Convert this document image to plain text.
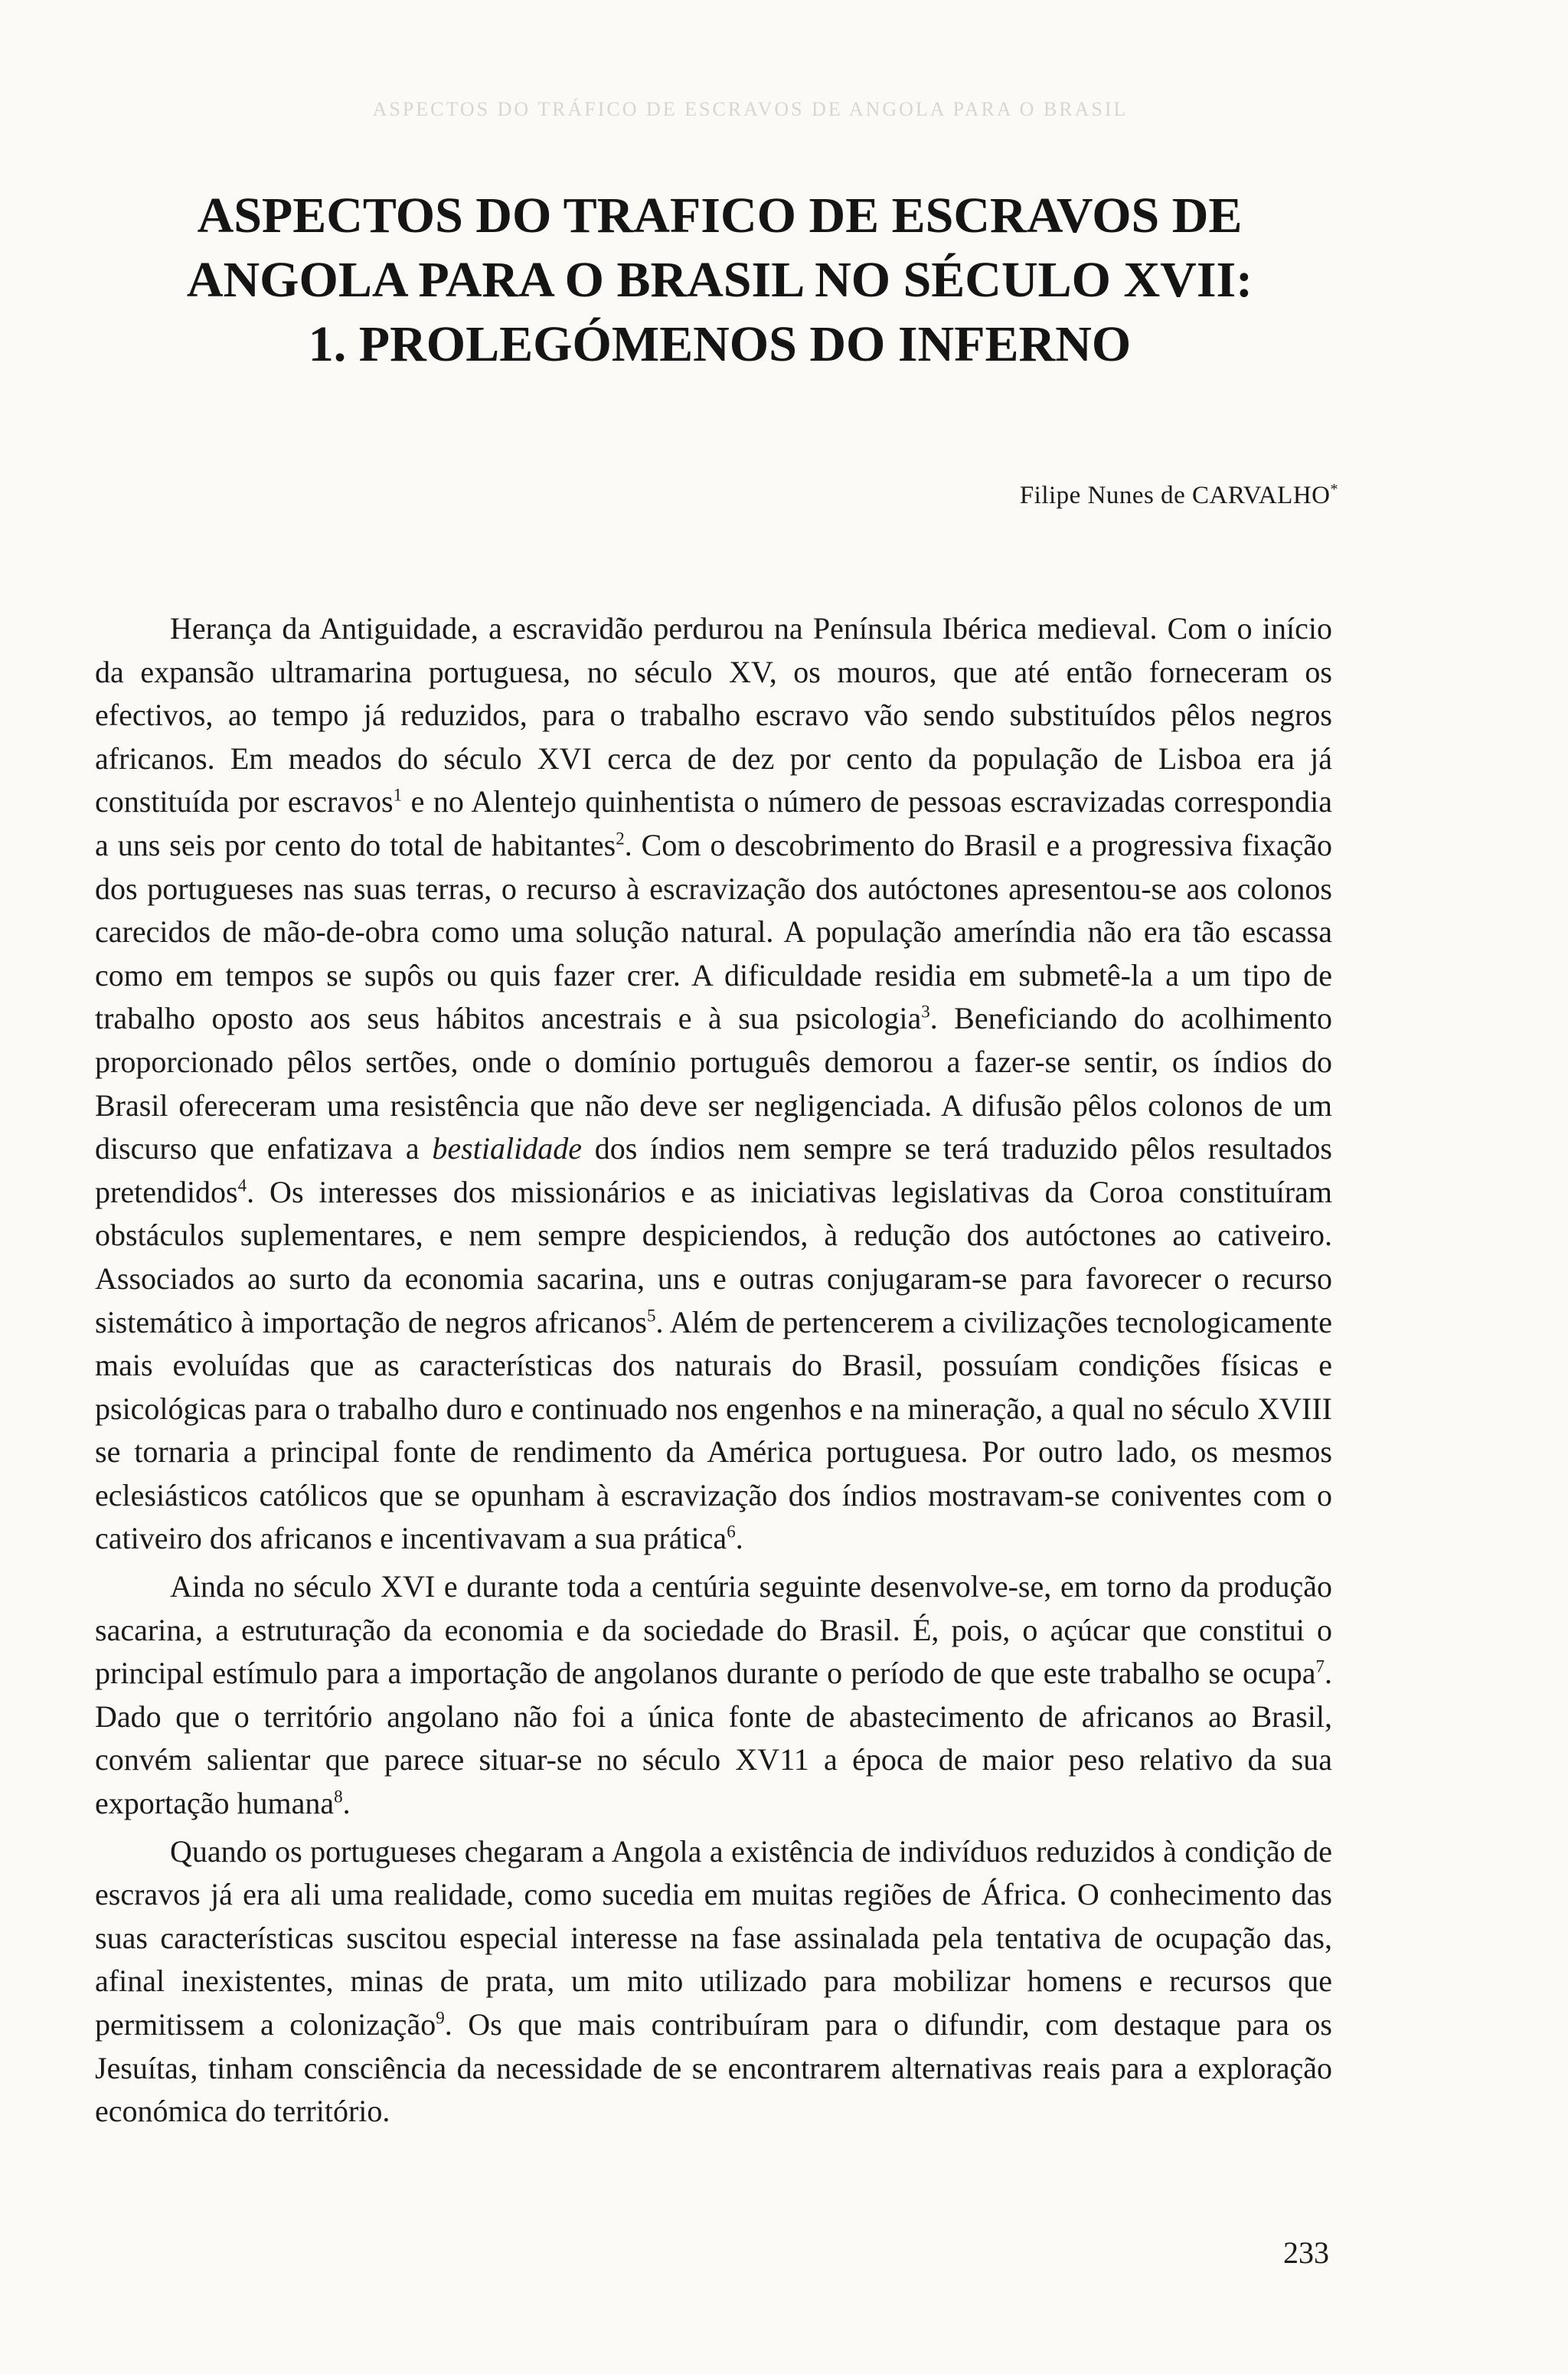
ASPECTOS DO TRÁFICO DE ESCRAVOS DE ANGOLA PARA O BRASIL
ASPECTOS DO TRAFICO DE ESCRAVOS DE
ANGOLA PARA O BRASIL NO SÉCULO XVII:
1. PROLEGÓMENOS DO INFERNO
Filipe Nunes de CARVALHO*

Herança da Antiguidade, a escravidão perdurou na Península Ibérica medieval. Com o início da expansão ultramarina portuguesa, no século XV, os mouros, que até então forneceram os efectivos, ao tempo já reduzidos, para o trabalho escravo vão sendo substituídos pêlos negros africanos. Em meados do século XVI cerca de dez por cento da população de Lisboa era já constituída por escravos$^1$ e no Alentejo quinhentista o número de pessoas escravizadas correspondia a uns seis por cento do total de habitantes$^2$. Com o descobrimento do Brasil e a progressiva fixação dos portugueses nas suas terras, o recurso à escravização dos autóctones apresentou-se aos colonos carecidos de mão-de-obra como uma solução natural. A população ameríndia não era tão escassa como em tempos se supôs ou quis fazer crer. A dificuldade residia em submetê-la a um tipo de trabalho oposto aos seus hábitos ancestrais e à sua psicologia$^3$. Beneficiando do acolhimento proporcionado pêlos sertões, onde o domínio português demorou a fazer-se sentir, os índios do Brasil ofereceram uma resistência que não deve ser negligenciada. A difusão pêlos colonos de um discurso que enfatizava a bestialidade dos índios nem sempre se terá traduzido pêlos resultados pretendidos$^4$. Os interesses dos missionários e as iniciativas legislativas da Coroa constituíram obstáculos suplementares, e nem sempre despiciendos, à redução dos autóctones ao cativeiro. Associados ao surto da economia sacarina, uns e outras conjugaram-se para favorecer o recurso sistemático à importação de negros africanos$^5$. Além de pertencerem a civilizações tecnologicamente mais evoluídas que as características dos naturais do Brasil, possuíam condições físicas e psicológicas para o trabalho duro e continuado nos engenhos e na mineração, a qual no século XVIII se tornaria a principal fonte de rendimento da América portuguesa. Por outro lado, os mesmos eclesiásticos católicos que se opunham à escravização dos índios mostravam-se coniventes com o cativeiro dos africanos e incentivavam a sua prática$^6$.

Ainda no século XVI e durante toda a centúria seguinte desenvolve-se, em torno da produção sacarina, a estruturação da economia e da sociedade do Brasil. É, pois, o açúcar que constitui o principal estímulo para a importação de angolanos durante o período de que este trabalho se ocupa$^7$. Dado que o território angolano não foi a única fonte de abastecimento de africanos ao Brasil, convém salientar que parece situar-se no século XV11 a época de maior peso relativo da sua exportação humana$^8$.

Quando os portugueses chegaram a Angola a existência de indivíduos reduzidos à condição de escravos já era ali uma realidade, como sucedia em muitas regiões de África. O conhecimento das suas características suscitou especial interesse na fase assinalada pela tentativa de ocupação das, afinal inexistentes, minas de prata, um mito utilizado para mobilizar homens e recursos que permitissem a colonização$^9$. Os que mais contribuíram para o difundir, com destaque para os Jesuítas, tinham consciência da necessidade de se encontrarem alternativas reais para a exploração económica do território.

233
